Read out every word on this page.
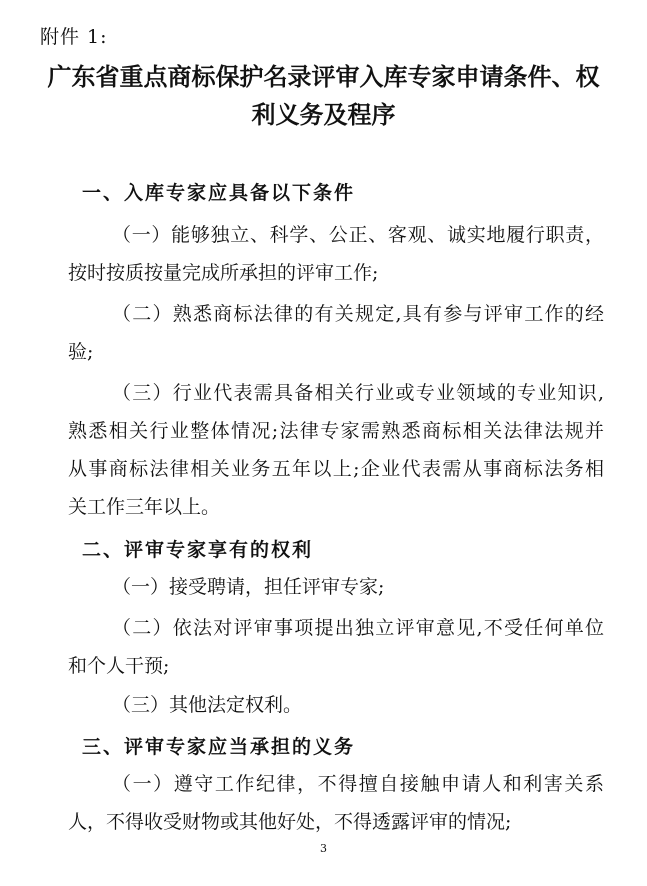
附件 1:
广东省重点商标保护名录评审入库专家申请条件、权
利义务及程序
一、入库专家应具备以下条件
（一）能够独立、科学、公正、客观、诚实地履行职责，
按时按质按量完成所承担的评审工作;
（二）熟悉商标法律的有关规定,具有参与评审工作的经
验;
（三）行业代表需具备相关行业或专业领域的专业知识,
熟悉相关行业整体情况;法律专家需熟悉商标相关法律法规并
从事商标法律相关业务五年以上;企业代表需从事商标法务相
关工作三年以上。
二、评审专家享有的权利
（一）接受聘请，担任评审专家;
（二）依法对评审事项提出独立评审意见,不受任何单位
和个人干预;
（三）其他法定权利。
三、评审专家应当承担的义务
（一）遵守工作纪律，不得擅自接触申请人和利害关系
人，不得收受财物或其他好处，不得透露评审的情况;
3
